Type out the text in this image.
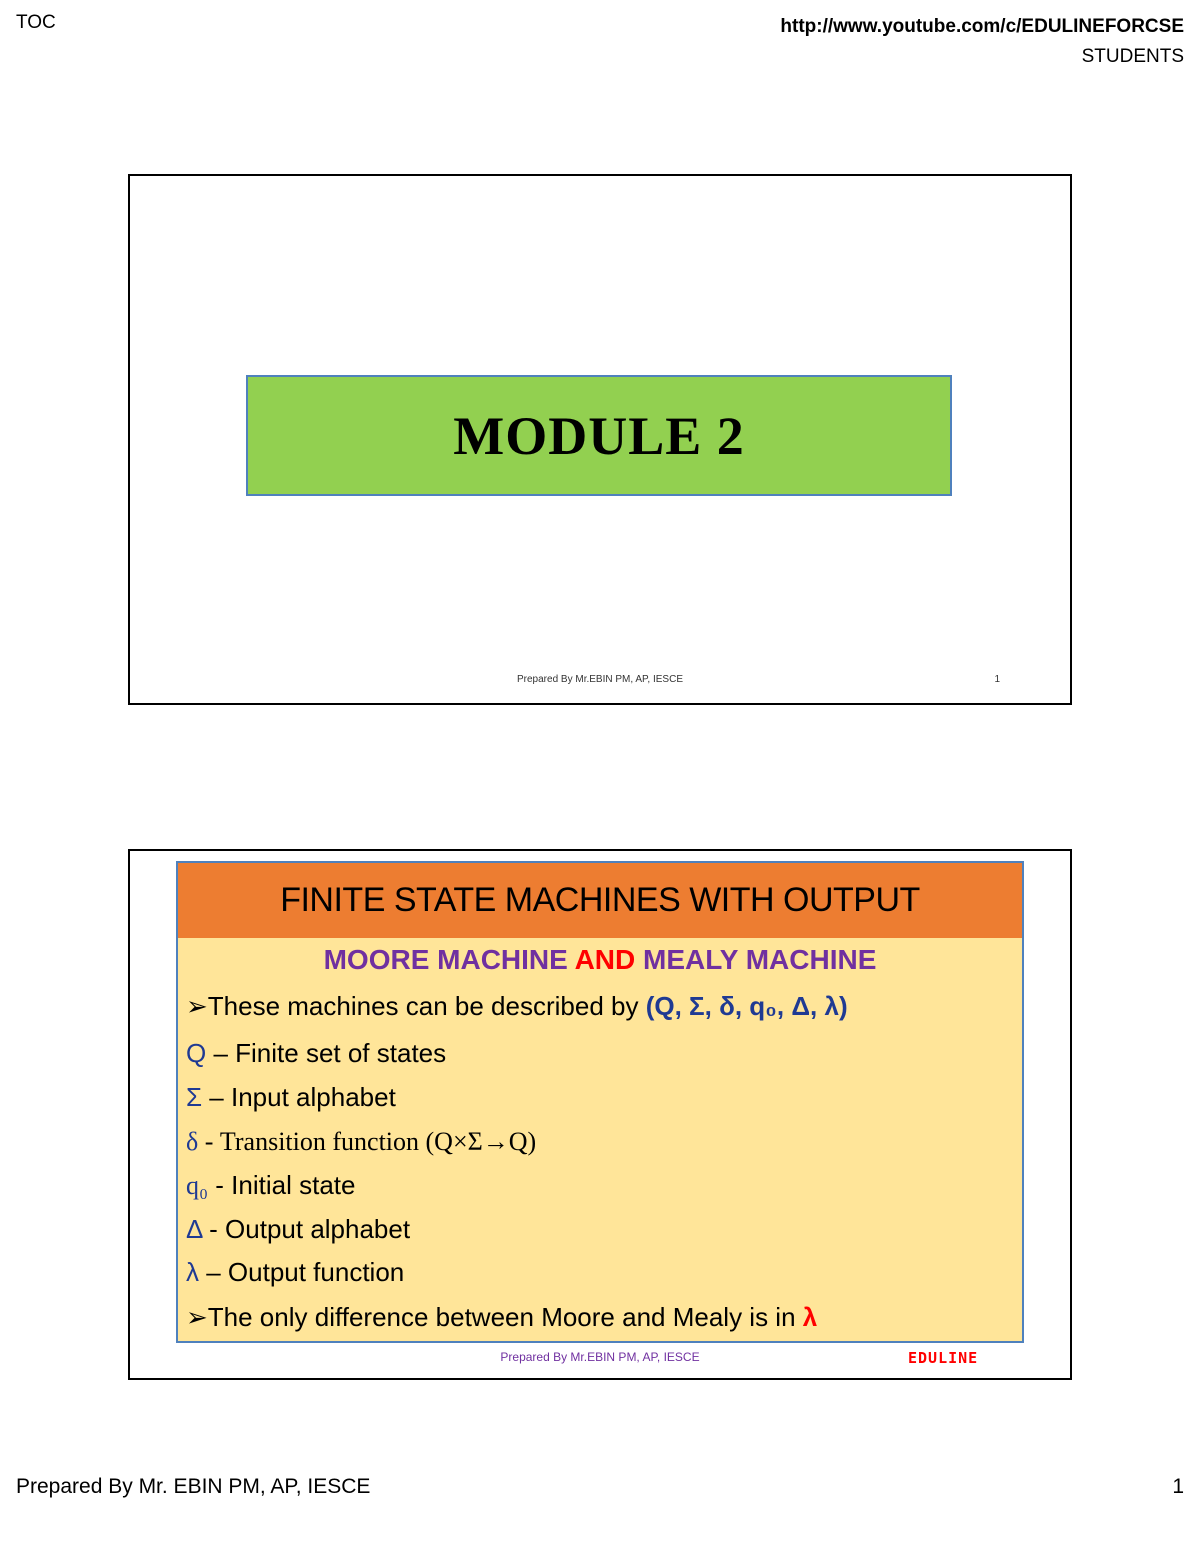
TOC	http://www.youtube.com/c/EDULINEFORCSE
STUDENTS
MODULE 2
Prepared By Mr.EBIN PM, AP, IESCE	1
FINITE STATE MACHINES WITH OUTPUT
MOORE MACHINE AND MEALY MACHINE
➢These machines can be described by (Q, Σ, δ, q₀, Δ, λ)
Q – Finite set of states
Σ – Input alphabet
δ - Transition function (Q×Σ→Q)
q₀ - Initial state
Δ - Output alphabet
λ – Output function
➢The only difference between Moore and Mealy is in λ
Prepared By Mr.EBIN PM, AP, IESCE	EDULINE
Prepared By Mr. EBIN PM, AP, IESCE	1
